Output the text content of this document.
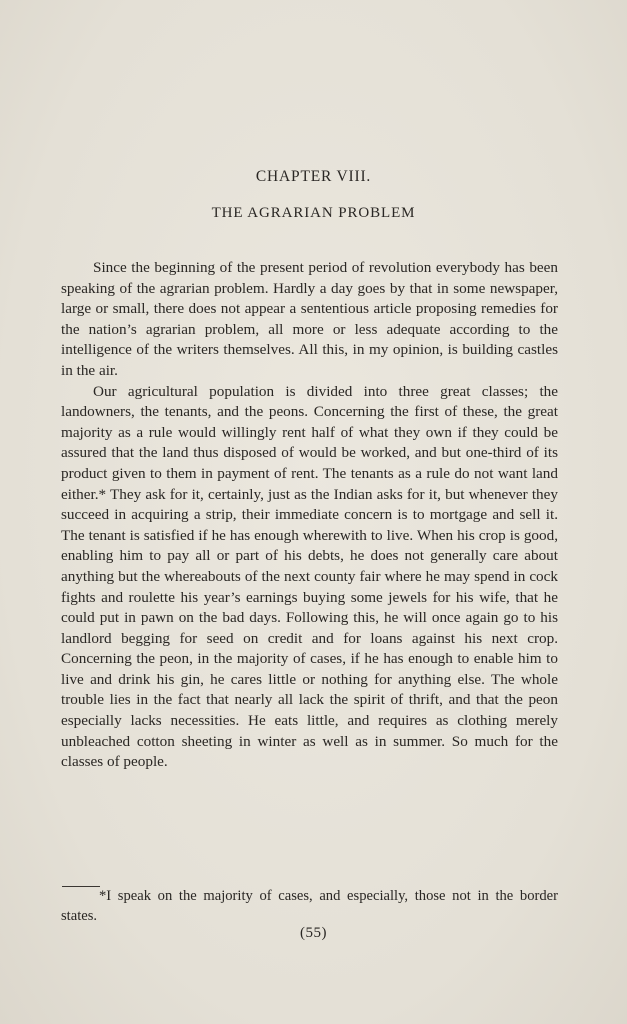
CHAPTER VIII.
THE AGRARIAN PROBLEM

Since the beginning of the present period of revolution everybody has been speaking of the agrarian problem. Hardly a day goes by that in some newspaper, large or small, there does not appear a sententious article proposing remedies for the nation’s agrarian problem, all more or less adequate according to the intelligence of the writers themselves. All this, in my opinion, is building castles in the air.

Our agricultural population is divided into three great classes; the landowners, the tenants, and the peons. Concerning the first of these, the great majority as a rule would willingly rent half of what they own if they could be assured that the land thus disposed of would be worked, and but one-third of its product given to them in payment of rent. The tenants as a rule do not want land either.* They ask for it, certainly, just as the Indian asks for it, but whenever they succeed in acquiring a strip, their immediate concern is to mortgage and sell it. The tenant is satisfied if he has enough wherewith to live. When his crop is good, enabling him to pay all or part of his debts, he does not generally care about anything but the whereabouts of the next county fair where he may spend in cock fights and roulette his year’s earnings buying some jewels for his wife, that he could put in pawn on the bad days. Following this, he will once again go to his landlord begging for seed on credit and for loans against his next crop. Concerning the peon, in the majority of cases, if he has enough to enable him to live and drink his gin, he cares little or nothing for anything else. The whole trouble lies in the fact that nearly all lack the spirit of thrift, and that the peon especially lacks necessities. He eats little, and requires as clothing merely unbleached cotton sheeting in winter as well as in summer. So much for the classes of people.

*I speak on the majority of cases, and especially, those not in the border states.

(55)
